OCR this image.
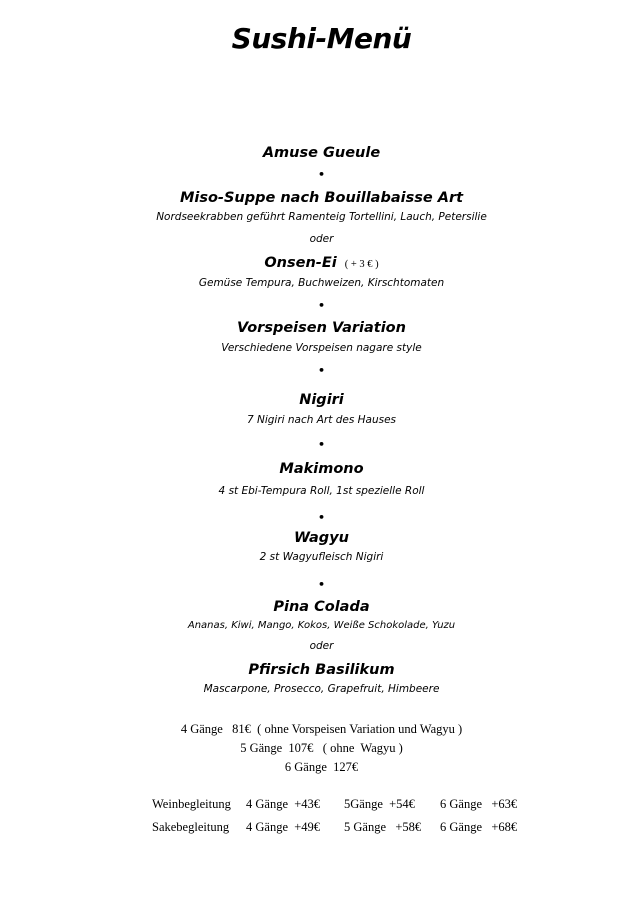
Sushi-Menü
Amuse Gueule
•
Miso-Suppe nach Bouillabaisse Art
Nordseekrabben geführt Ramenteig Tortellini, Lauch, Petersilie
oder
Onsen-Ei ( + 3 € )
Gemüse Tempura, Buchweizen, Kirschtomaten
•
Vorspeisen Variation
Verschiedene Vorspeisen nagare style
•
Nigiri
7 Nigiri nach Art des Hauses
•
Makimono
4 st Ebi-Tempura Roll, 1st spezielle Roll
•
Wagyu
2 st Wagyufleisch Nigiri
•
Pina Colada
Ananas, Kiwi, Mango, Kokos, Weiße Schokolade, Yuzu
oder
Pfirsich Basilikum
Mascarpone, Prosecco, Grapefruit, Himbeere
4 Gänge   81€  ( ohne Vorspeisen Variation und Wagyu )
5 Gänge  107€   ( ohne  Wagyu )
6 Gänge  127€
Weinbegleitung 4 Gänge  +43€ 5Gänge  +54€ 6 Gänge   +63€
Sakebegleitung 4 Gänge  +49€ 5 Gänge   +58€ 6 Gänge   +68€
